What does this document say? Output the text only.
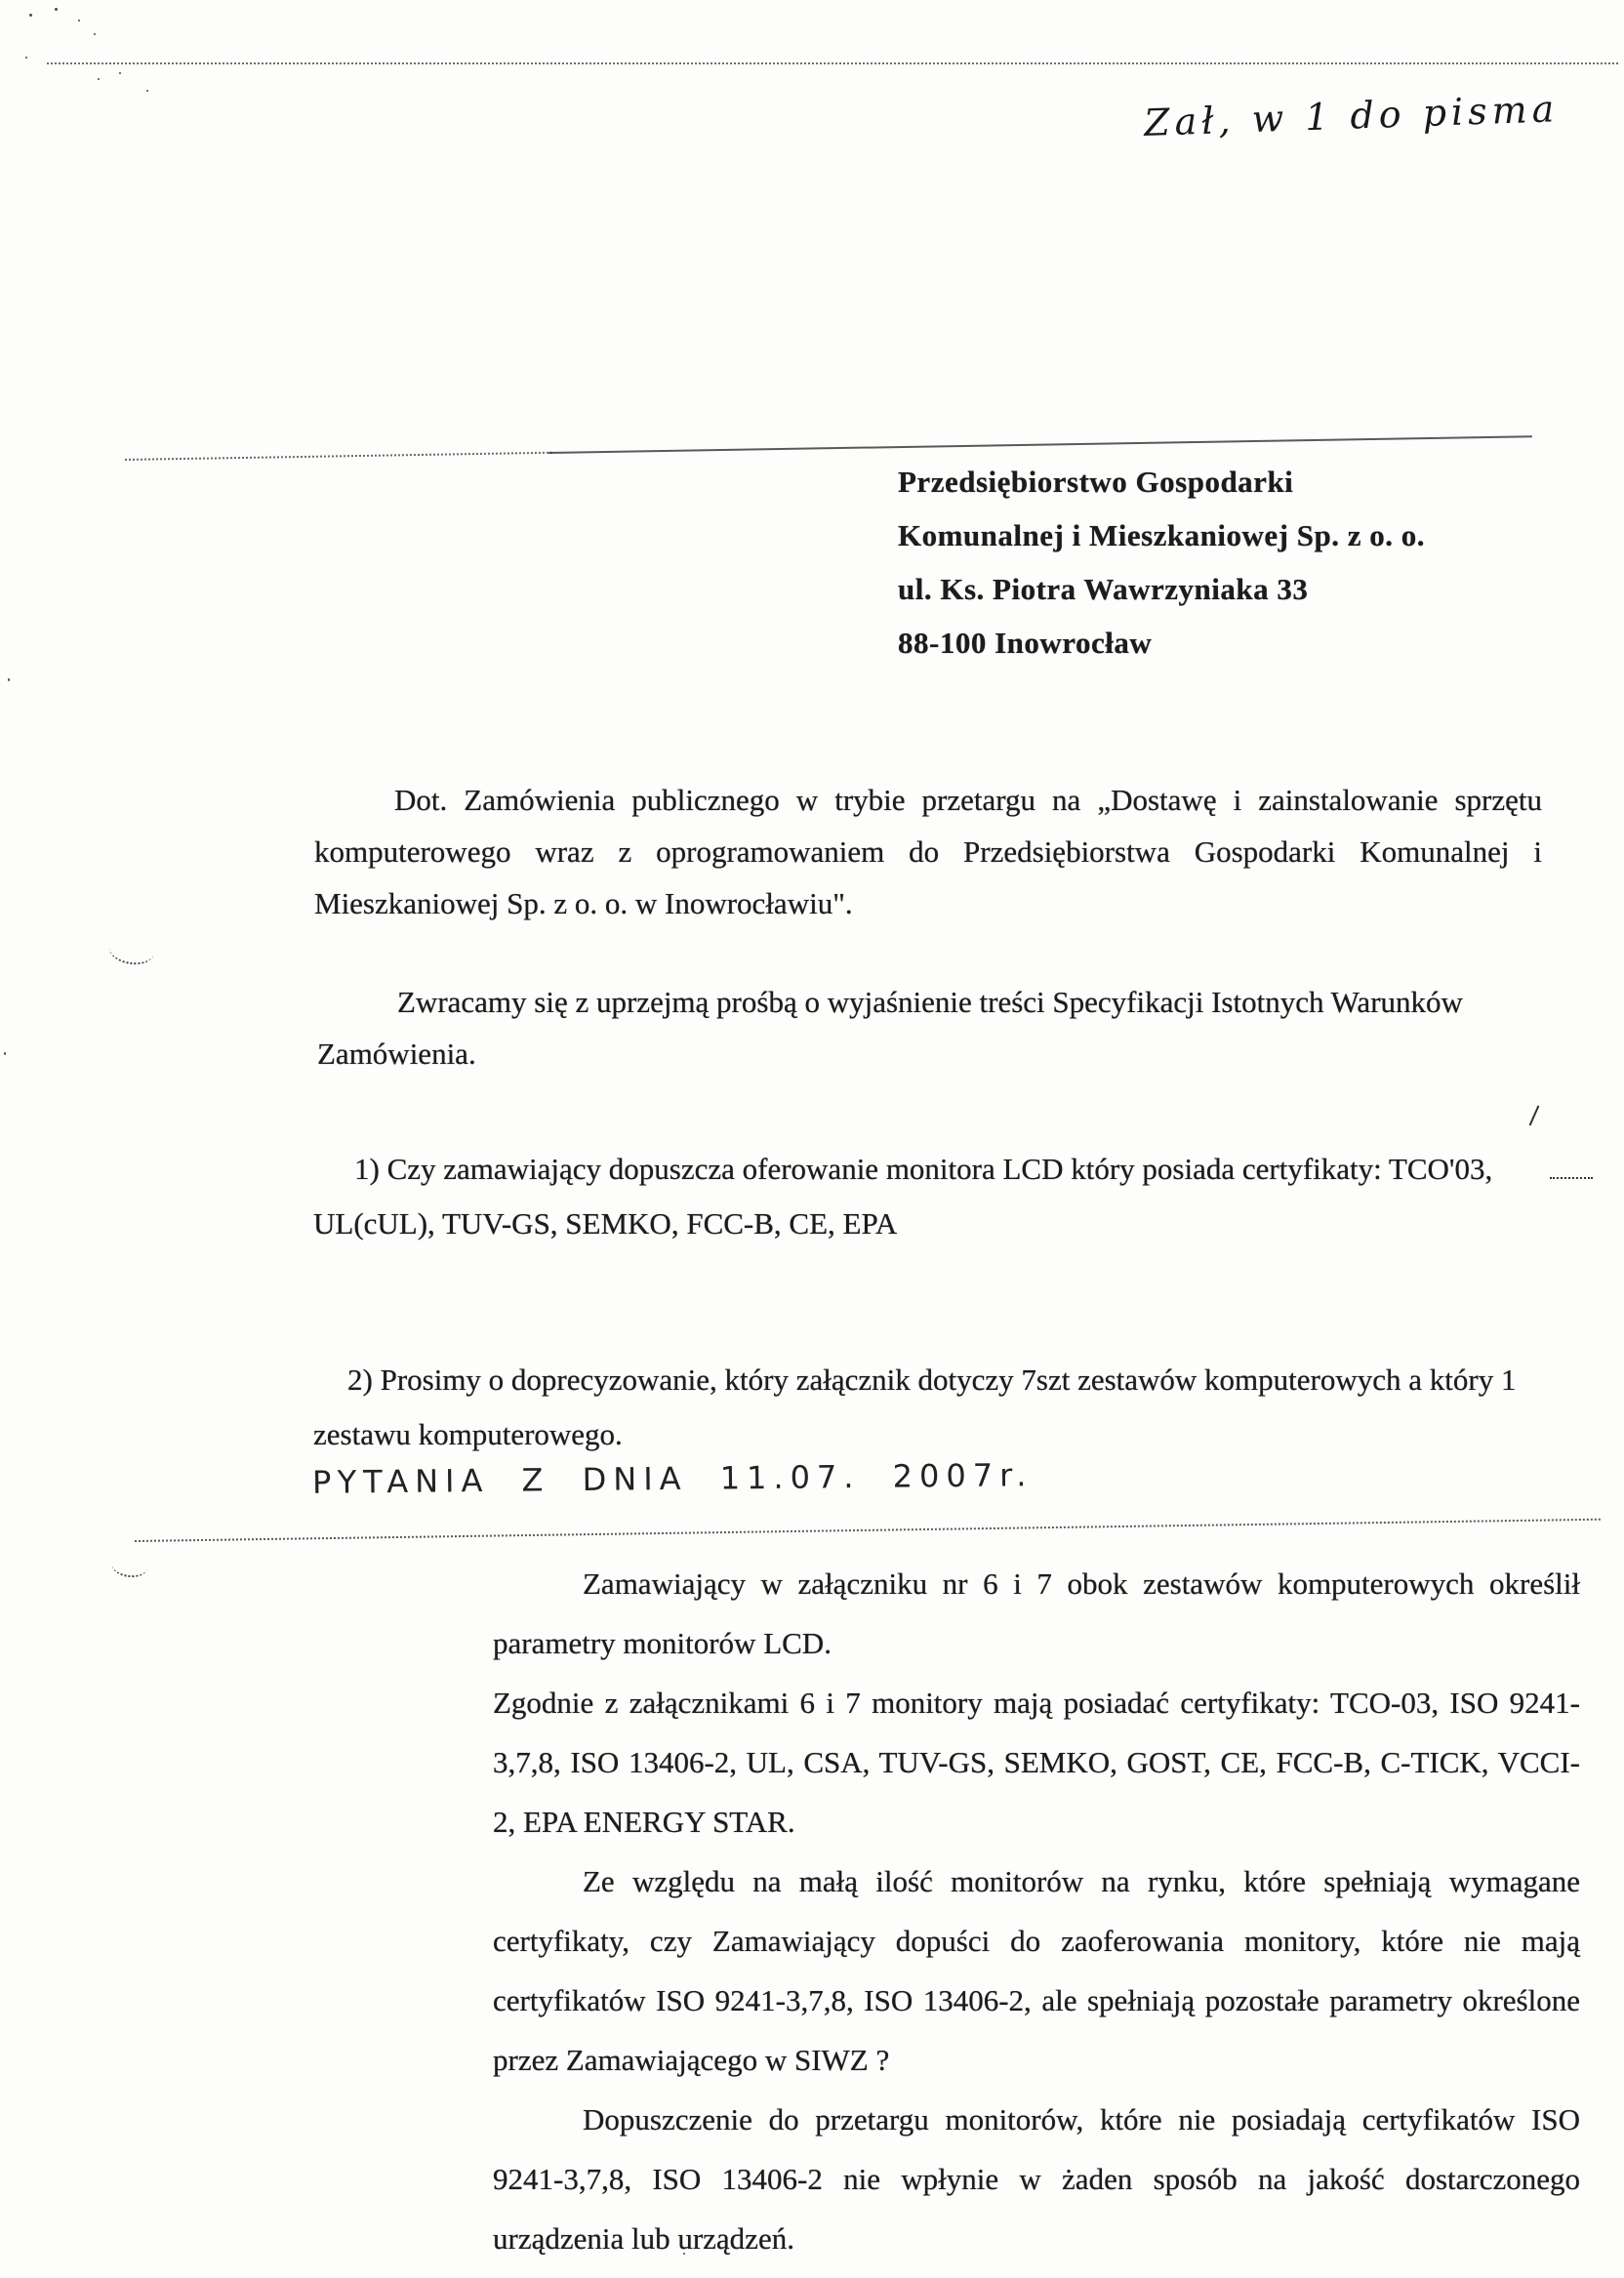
Zał, w 1 do pisma
Przedsiębiorstwo Gospodarki
Komunalnej i Mieszkaniowej Sp. z o. o.
ul. Ks. Piotra Wawrzyniaka 33
88-100 Inowrocław
Dot. Zamówienia publicznego w trybie przetargu na „Dostawę i zainstalowanie sprzętu komputerowego wraz z oprogramowaniem do Przedsiębiorstwa Gospodarki Komunalnej i Mieszkaniowej Sp. z o. o. w Inowrocławiu".
Zwracamy się z uprzejmą prośbą o wyjaśnienie treści Specyfikacji Istotnych Warunków Zamówienia.
1) Czy zamawiający dopuszcza oferowanie monitora LCD który posiada certyfikaty: TCO'03, UL(cUL), TUV-GS, SEMKO, FCC-B, CE, EPA
2) Prosimy o doprecyzowanie, który załącznik dotyczy 7szt zestawów komputerowych a który 1 zestawu komputerowego.
PYTANIA Z DNIA 11.07. 2007r.

Zamawiający w załączniku nr 6 i 7 obok zestawów komputerowych określił parametry monitorów LCD.

Zgodnie z załącznikami 6 i 7 monitory mają posiadać certyfikaty: TCO-03, ISO 9241-3,7,8, ISO 13406-2, UL, CSA, TUV-GS, SEMKO, GOST, CE, FCC-B, C-TICK, VCCI-2, EPA ENERGY STAR.

Ze względu na małą ilość monitorów na rynku, które spełniają wymagane certyfikaty, czy Zamawiający dopuści do zaoferowania monitory, które nie mają certyfikatów ISO 9241-3,7,8, ISO 13406-2, ale spełniają pozostałe parametry określone przez Zamawiającego w SIWZ ?

Dopuszczenie do przetargu monitorów, które nie posiadają certyfikatów ISO 9241-3,7,8, ISO 13406-2 nie wpłynie w żaden sposób na jakość dostarczonego urządzenia lub urządzeń.
